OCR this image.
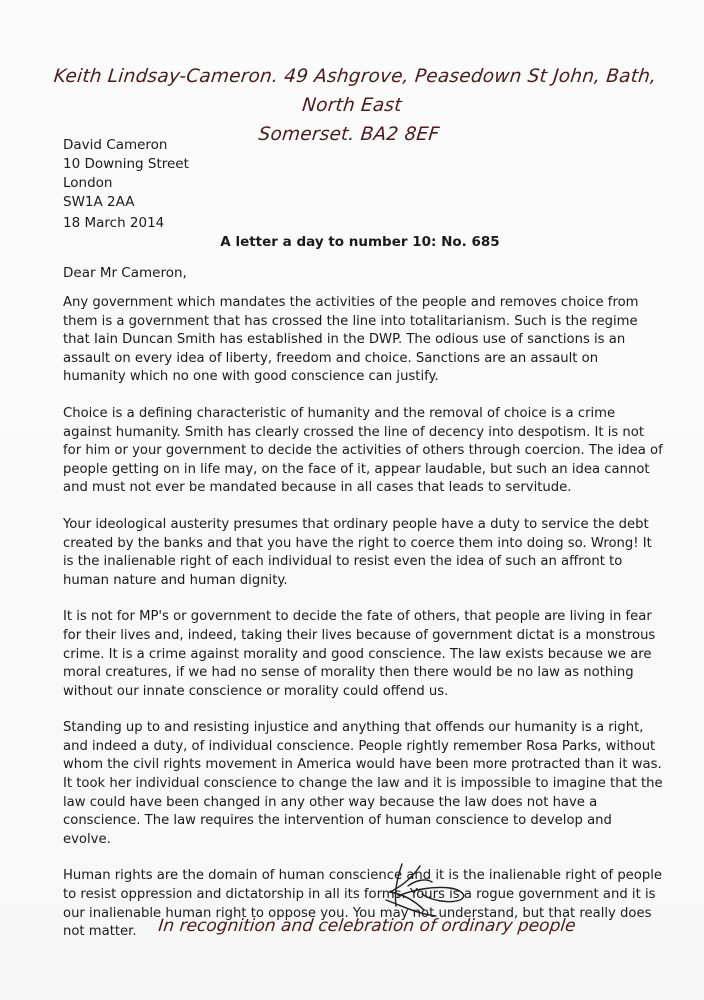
Keith Lindsay-Cameron. 49 Ashgrove, Peasedown St John, Bath, North East
Somerset. BA2 8EF
David Cameron
10 Downing Street
London
SW1A 2AA
18 March 2014
A letter a day to number 10: No. 685
Dear Mr Cameron,

Any government which mandates the activities of the people and removes choice from them is a government that has crossed the line into totalitarianism. Such is the regime that Iain Duncan Smith has established in the DWP. The odious use of sanctions is an assault on every idea of liberty, freedom and choice. Sanctions are an assault on humanity which no one with good conscience can justify.

Choice is a defining characteristic of humanity and the removal of choice is a crime against humanity. Smith has clearly crossed the line of decency into despotism. It is not for him or your government to decide the activities of others through coercion. The idea of people getting on in life may, on the face of it, appear laudable, but such an idea cannot and must not ever be mandated because in all cases that leads to servitude.

Your ideological austerity presumes that ordinary people have a duty to service the debt created by the banks and that you have the right to coerce them into doing so. Wrong! It is the inalienable right of each individual to resist even the idea of such an affront to human nature and human dignity.

It is not for MP's or government to decide the fate of others, that people are living in fear for their lives and, indeed, taking their lives because of government dictat is a monstrous crime. It is a crime against morality and good conscience. The law exists because we are moral creatures, if we had no sense of morality then there would be no law as nothing without our innate conscience or morality could offend us.

Standing up to and resisting injustice and anything that offends our humanity is a right, and indeed a duty, of individual conscience. People rightly remember Rosa Parks, without whom the civil rights movement in America would have been more protracted than it was. It took her individual conscience to change the law and it is impossible to imagine that the law could have been changed in any other way because the law does not have a conscience. The law requires the intervention of human conscience to develop and evolve.

Human rights are the domain of human conscience and it is the inalienable right of people to resist oppression and dictatorship in all its forms. Yours is a rogue government and it is our inalienable human right to oppose you. You may not understand, but that really does not matter.	In recognition and celebration of ordinary people
